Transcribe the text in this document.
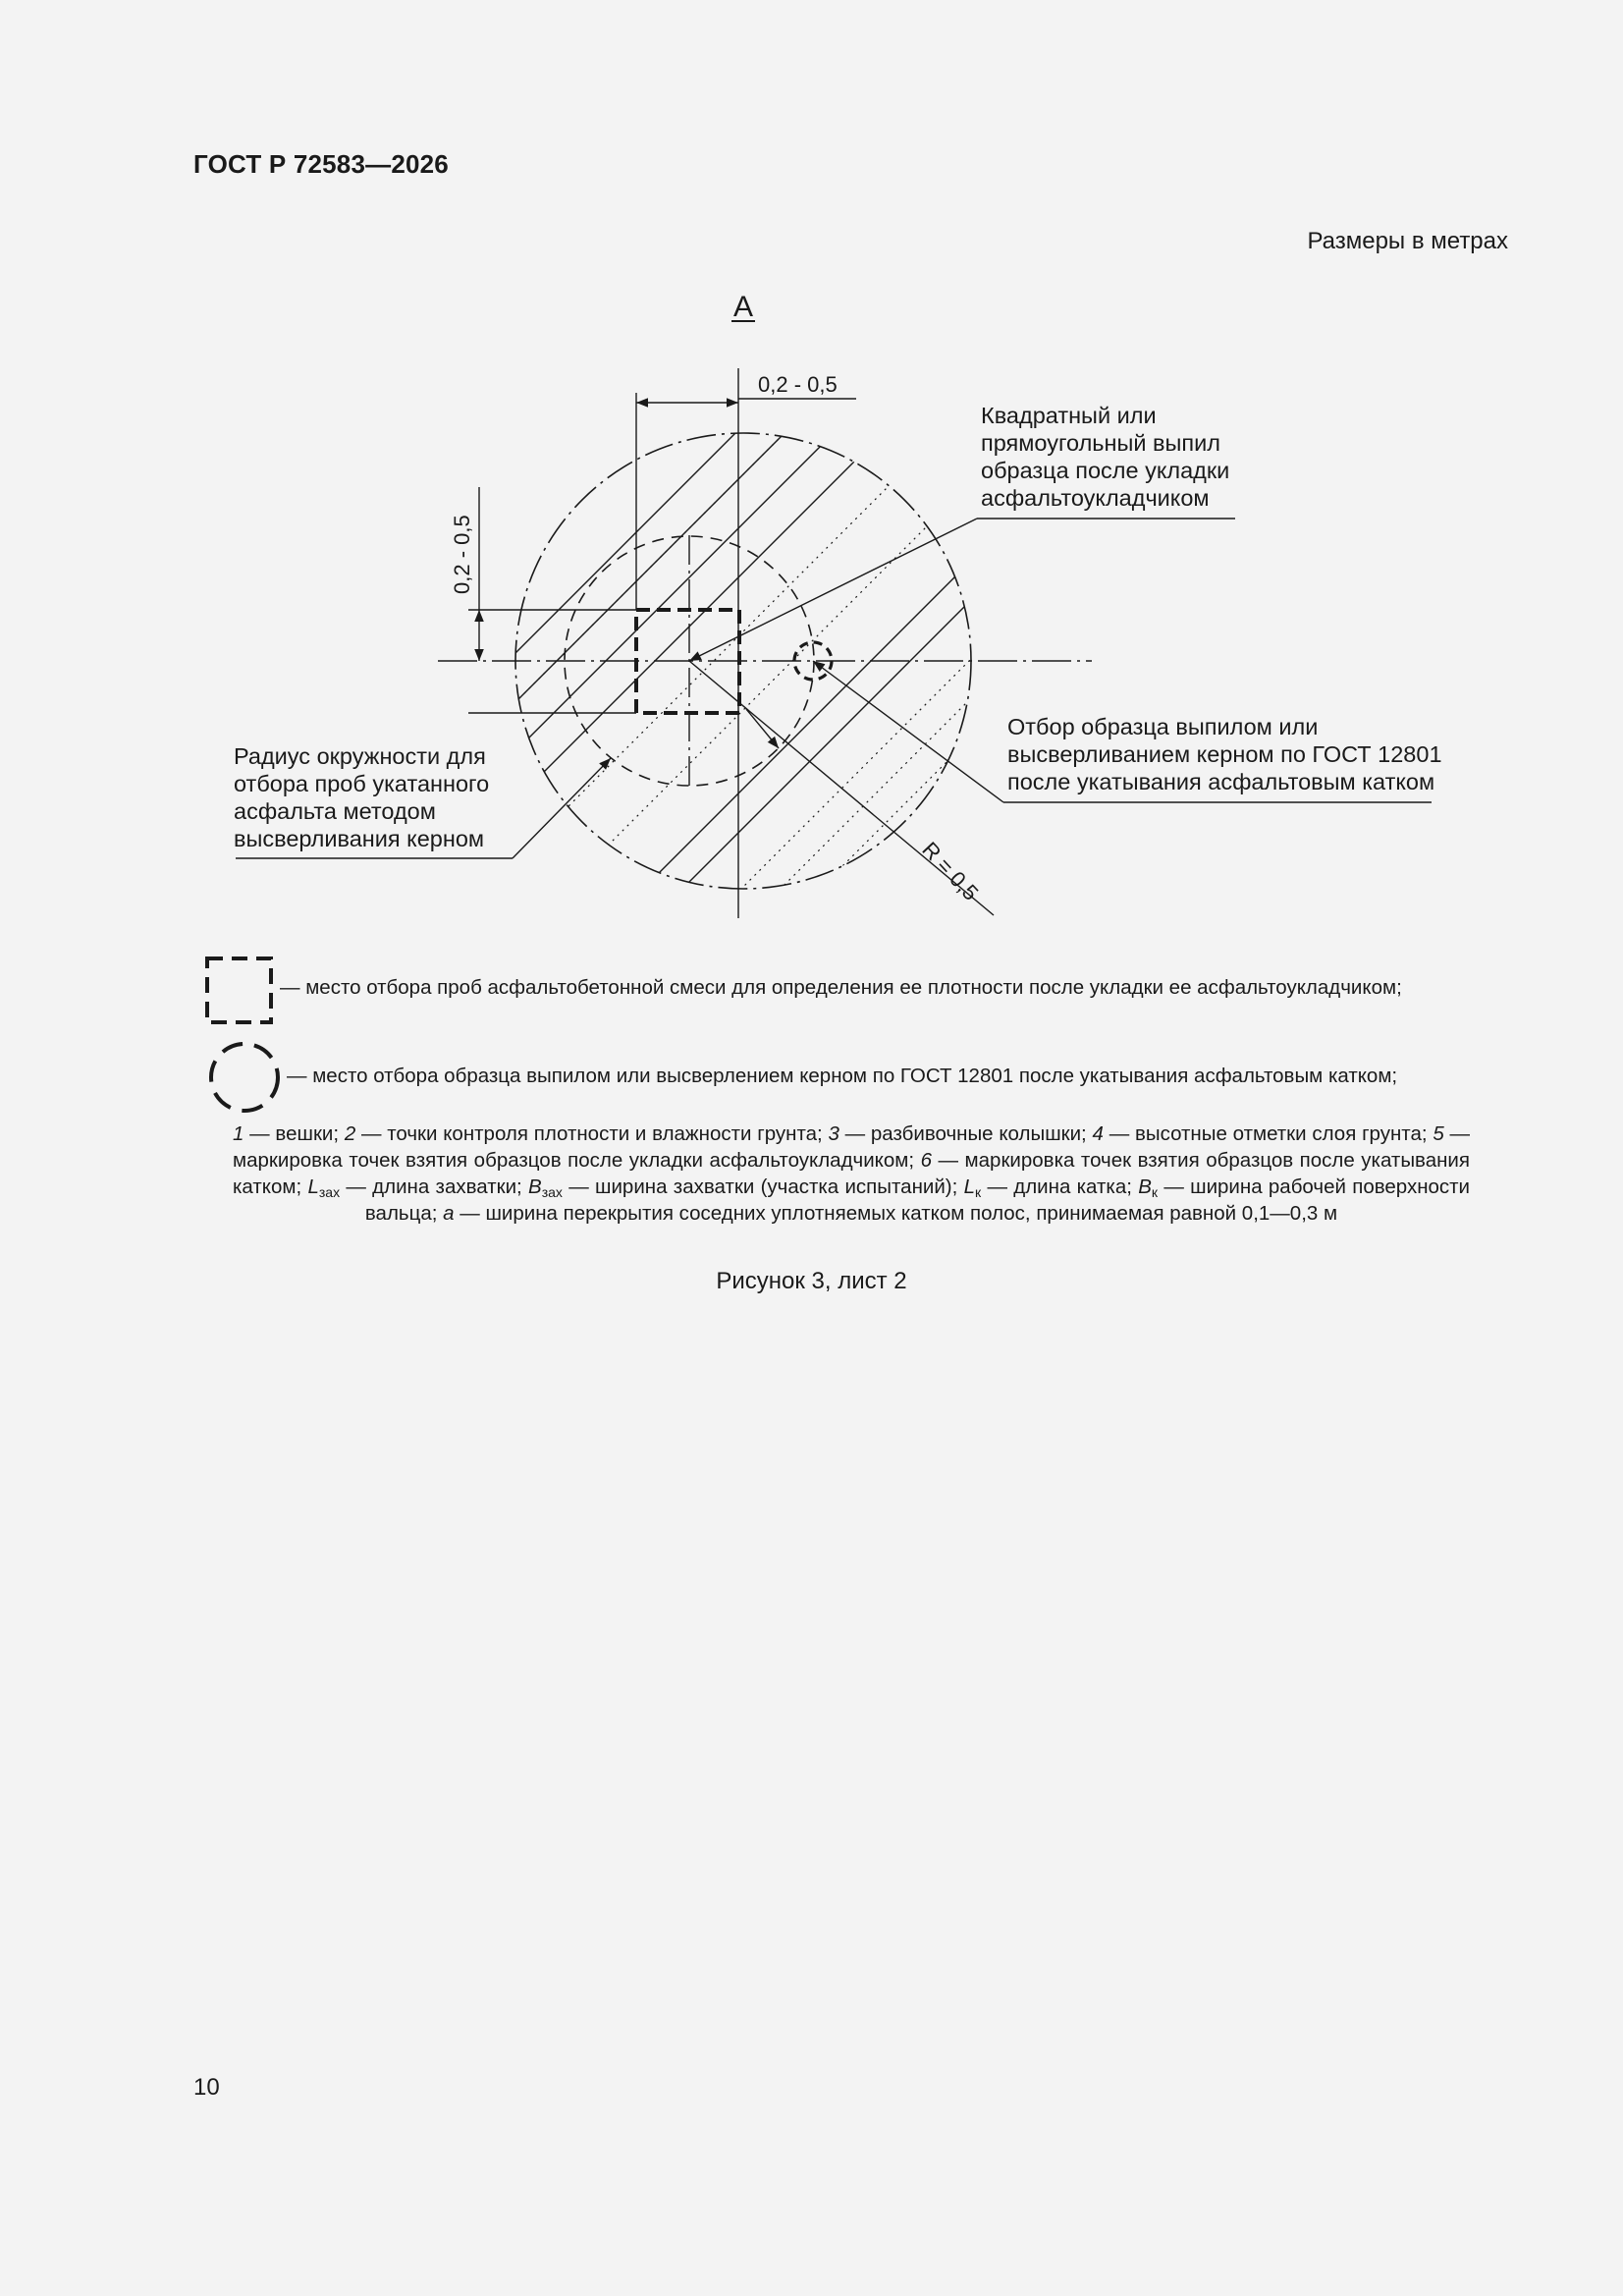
ГОСТ Р 72583—2026
Размеры в метрах
А
0,2 - 0,5
0,2 - 0,5
Квадратный или прямоугольный выпил образца после укладки асфальтоукладчиком
Отбор образца выпилом или высверливанием керном по ГОСТ 12801 после укатывания асфальтовым катком
Радиус окружности для отбора проб укатанного асфальта методом высверливания керном	R = 0,5
— место отбора проб асфальтобетонной смеси для определения ее плотности после укладки ее асфальтоукладчиком;
— место отбора образца выпилом или высверлением керном по ГОСТ 12801 после укатывания асфальтовым катком;
1 — вешки; 2 — точки контроля плотности и влажности грунта; 3 — разбивочные колышки; 4 — высотные отметки слоя грунта; 5 — маркировка точек взятия образцов после укладки асфальтоукладчиком; 6 — маркировка точек взятия образцов после укатывания катком; $L_{зах}$ — длина захватки; $B_{зах}$ — ширина захватки (участка испытаний); $L_к$ — длина катка; $B_к$ — ширина рабочей поверхности вальца; a — ширина перекрытия соседних уплотняемых катком полос, принимаемая равной 0,1—0,3 м
Рисунок 3, лист 2
10
